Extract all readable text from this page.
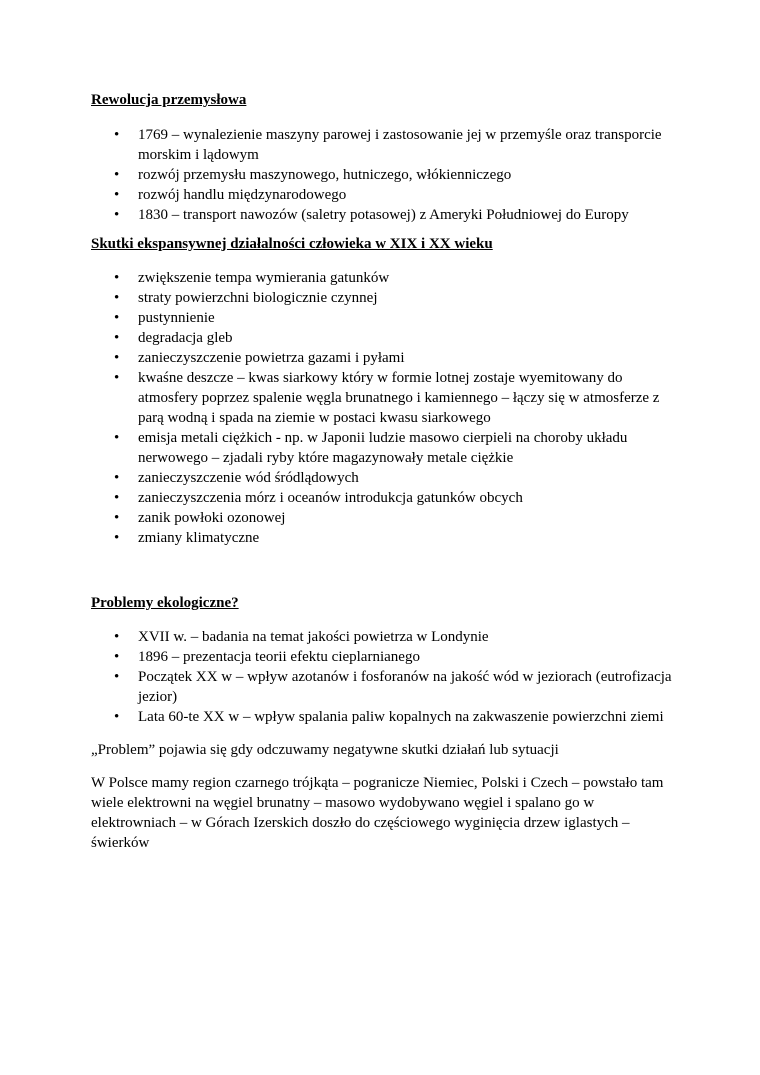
Rewolucja przemysłowa

• 1769 – wynalezienie maszyny parowej i zastosowanie jej w przemyśle oraz transporcie morskim i lądowym
• rozwój przemysłu maszynowego, hutniczego, włókienniczego
• rozwój handlu międzynarodowego
• 1830 – transport nawozów (saletry potasowej) z Ameryki Południowej do Europy

Skutki ekspansywnej działalności człowieka w XIX i XX wieku

• zwiększenie tempa wymierania gatunków
• straty powierzchni biologicznie czynnej
• pustynnienie
• degradacja gleb
• zanieczyszczenie powietrza gazami i pyłami
• kwaśne deszcze – kwas siarkowy który w formie lotnej zostaje wyemitowany do atmosfery poprzez spalenie węgla brunatnego i kamiennego – łączy się w atmosferze z parą wodną i spada na ziemie w postaci kwasu siarkowego
• emisja metali ciężkich - np. w Japonii ludzie masowo cierpieli na choroby układu nerwowego – zjadali ryby które magazynowały metale ciężkie
• zanieczyszczenie wód śródlądowych
• zanieczyszczenia mórz i oceanów introdukcja gatunków obcych
• zanik powłoki ozonowej
• zmiany klimatyczne

Problemy ekologiczne?

• XVII w. – badania na temat jakości powietrza w Londynie
• 1896 – prezentacja teorii efektu cieplarnianego
• Początek XX w – wpływ azotanów i fosforanów na jakość wód w jeziorach (eutrofizacja jezior)
• Lata 60-te XX w – wpływ spalania paliw kopalnych na zakwaszenie powierzchni ziemi

„Problem” pojawia się gdy odczuwamy negatywne skutki działań lub sytuacji

W Polsce mamy region czarnego trójkąta – pogranicze Niemiec, Polski i Czech – powstało tam wiele elektrowni na węgiel brunatny – masowo wydobywano węgiel i spalano go w elektrowniach – w Górach Izerskich doszło do częściowego wyginięcia drzew iglastych – świerków
